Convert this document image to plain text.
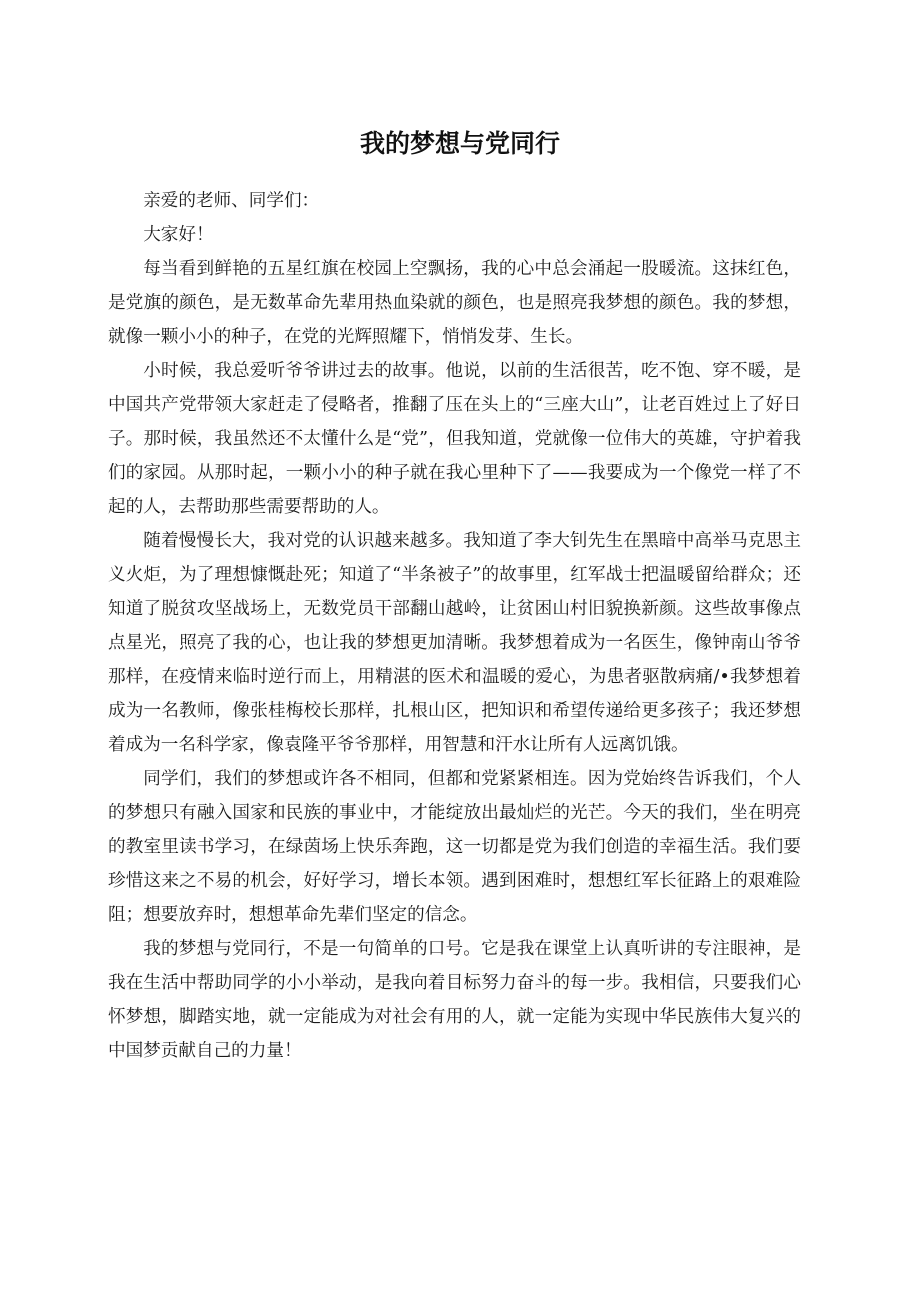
我的梦想与党同行

亲爱的老师、同学们：

大家好！

每当看到鲜艳的五星红旗在校园上空飘扬，我的心中总会涌起一股暖流。这抹红色，是党旗的颜色，是无数革命先辈用热血染就的颜色，也是照亮我梦想的颜色。我的梦想，就像一颗小小的种子，在党的光辉照耀下，悄悄发芽、生长。

小时候，我总爱听爷爷讲过去的故事。他说，以前的生活很苦，吃不饱、穿不暖，是中国共产党带领大家赶走了侵略者，推翻了压在头上的“三座大山”，让老百姓过上了好日子。那时候，我虽然还不太懂什么是“党”，但我知道，党就像一位伟大的英雄，守护着我们的家园。从那时起，一颗小小的种子就在我心里种下了——我要成为一个像党一样了不起的人，去帮助那些需要帮助的人。

随着慢慢长大，我对党的认识越来越多。我知道了李大钊先生在黑暗中高举马克思主义火炬，为了理想慷慨赴死；知道了“半条被子”的故事里，红军战士把温暖留给群众；还知道了脱贫攻坚战场上，无数党员干部翻山越岭，让贫困山村旧貌换新颜。这些故事像点点星光，照亮了我的心，也让我的梦想更加清晰。我梦想着成为一名医生，像钟南山爷爷那样，在疫情来临时逆行而上，用精湛的医术和温暖的爱心，为患者驱散病痛/•我梦想着成为一名教师，像张桂梅校长那样，扎根山区，把知识和希望传递给更多孩子；我还梦想着成为一名科学家，像袁隆平爷爷那样，用智慧和汗水让所有人远离饥饿。

同学们，我们的梦想或许各不相同，但都和党紧紧相连。因为党始终告诉我们，个人的梦想只有融入国家和民族的事业中，才能绽放出最灿烂的光芒。今天的我们，坐在明亮的教室里读书学习，在绿茵场上快乐奔跑，这一切都是党为我们创造的幸福生活。我们要珍惜这来之不易的机会，好好学习，增长本领。遇到困难时，想想红军长征路上的艰难险阻；想要放弃时，想想革命先辈们坚定的信念。

我的梦想与党同行，不是一句简单的口号。它是我在课堂上认真听讲的专注眼神，是我在生活中帮助同学的小小举动，是我向着目标努力奋斗的每一步。我相信，只要我们心怀梦想，脚踏实地，就一定能成为对社会有用的人，就一定能为实现中华民族伟大复兴的中国梦贡献自己的力量！
